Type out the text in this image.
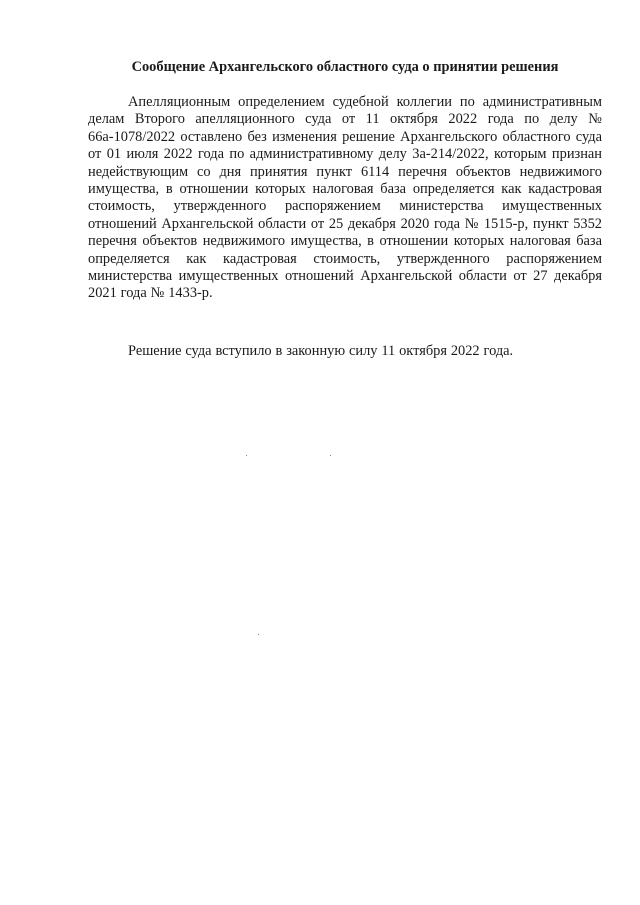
Сообщение Архангельского областного суда о принятии решения

Апелляционным определением судебной коллегии по административным делам Второго апелляционного суда от 11 октября 2022 года по делу № 66а-1078/2022 оставлено без изменения решение Архангельского областного суда от 01 июля 2022 года по административному делу 3а-214/2022, которым признан недействующим со дня принятия пункт 6114 перечня объектов недвижимого имущества, в отношении которых налоговая база определяется как кадастровая стоимость, утвержденного распоряжением министерства имущественных отношений Архангельской области от 25 декабря 2020 года № 1515-р, пункт 5352 перечня объектов недвижимого имущества, в отношении которых налоговая база определяется как кадастровая стоимость, утвержденного распоряжением министерства имущественных отношений Архангельской области от 27 декабря 2021 года № 1433-р.

Решение суда вступило в законную силу 11 октября 2022 года.
